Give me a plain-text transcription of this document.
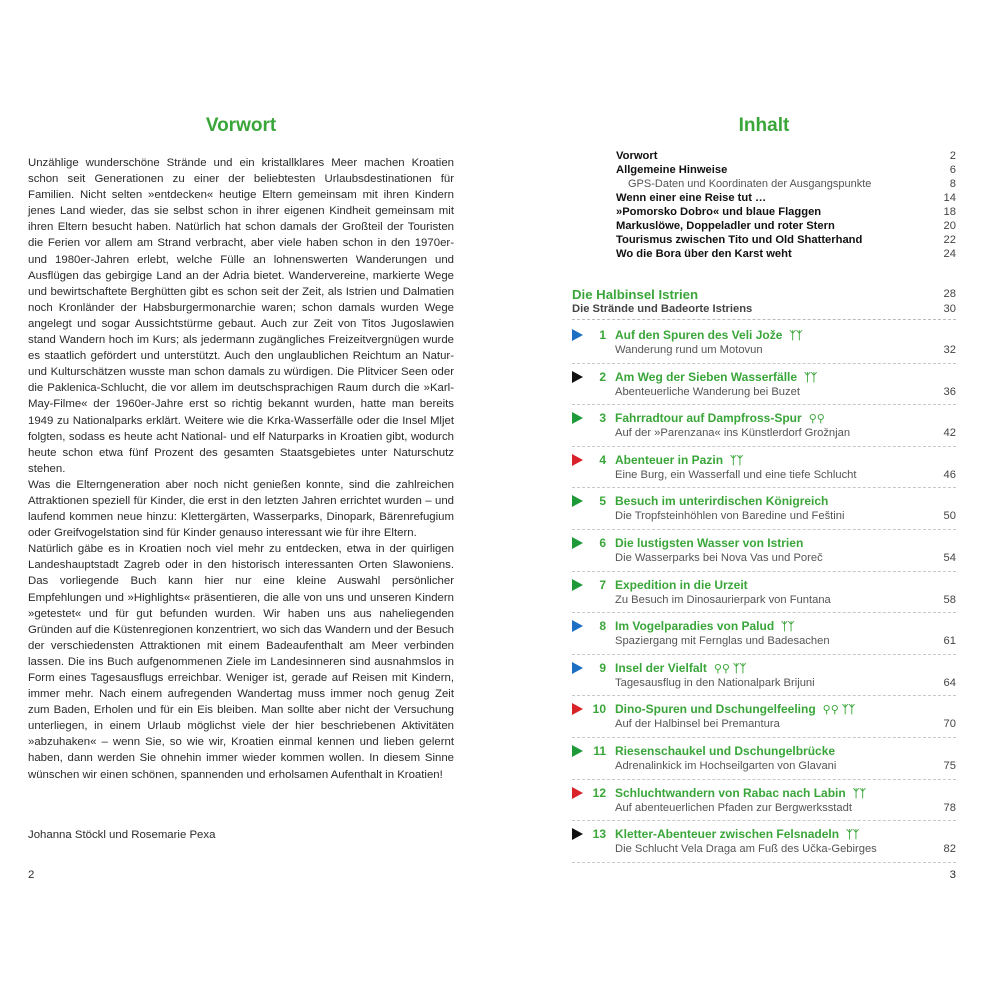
Vorwort

Unzählige wunderschöne Strände und ein kristallklares Meer machen Kroatien schon seit Generationen zu einer der beliebtesten Urlaubsdestinationen für Familien. Nicht selten »entdecken« heutige Eltern gemeinsam mit ihren Kindern jenes Land wieder, das sie selbst schon in ihrer eigenen Kindheit gemeinsam mit ihren Eltern besucht haben. Natürlich hat schon damals der Großteil der Touristen die Ferien vor allem am Strand verbracht, aber viele haben schon in den 1970er- und 1980er-Jahren erlebt, welche Fülle an lohnenswerten Wanderungen und Ausflügen das gebirgige Land an der Adria bietet. Wandervereine, markierte Wege und bewirtschaftete Berghütten gibt es schon seit der Zeit, als Istrien und Dalmatien noch Kronländer der Habsburgermonarchie waren; schon damals wurden Wege angelegt und sogar Aussichtstürme gebaut. Auch zur Zeit von Titos Jugoslawien stand Wandern hoch im Kurs; als jedermann zugängliches Freizeitvergnügen wurde es staatlich gefördert und unterstützt. Auch den unglaublichen Reichtum an Natur- und Kulturschätzen wusste man schon damals zu würdigen. Die Plitvicer Seen oder die Paklenica-Schlucht, die vor allem im deutschsprachigen Raum durch die »Karl-May-Filme« der 1960er-Jahre erst so richtig bekannt wurden, hatte man bereits 1949 zu Nationalparks erklärt. Weitere wie die Krka-Wasserfälle oder die Insel Mljet folgten, sodass es heute acht National- und elf Naturparks in Kroatien gibt, wodurch heute schon etwa fünf Prozent des gesamten Staatsgebietes unter Naturschutz stehen.

Was die Elterngeneration aber noch nicht genießen konnte, sind die zahlreichen Attraktionen speziell für Kinder, die erst in den letzten Jahren errichtet wurden – und laufend kommen neue hinzu: Klettergärten, Wasserparks, Dinopark, Bärenrefugium oder Greifvogelstation sind für Kinder genauso interessant wie für ihre Eltern.

Natürlich gäbe es in Kroatien noch viel mehr zu entdecken, etwa in der quirligen Landeshauptstadt Zagreb oder in den historisch interessanten Orten Slawoniens. Das vorliegende Buch kann hier nur eine kleine Auswahl persönlicher Empfehlungen und »Highlights« präsentieren, die alle von uns und unseren Kindern »getestet« und für gut befunden wurden. Wir haben uns aus naheliegenden Gründen auf die Küstenregionen konzentriert, wo sich das Wandern und der Besuch der verschiedensten Attraktionen mit einem Badeaufenthalt am Meer verbinden lassen. Die ins Buch aufgenommenen Ziele im Landesinneren sind ausnahmslos in Form eines Tagesausflugs erreichbar. Weniger ist, gerade auf Reisen mit Kindern, immer mehr. Nach einem aufregenden Wandertag muss immer noch genug Zeit zum Baden, Erholen und für ein Eis bleiben. Man sollte aber nicht der Versuchung unterliegen, in einem Urlaub möglichst viele der hier beschriebenen Aktivitäten »abzuhaken« – wenn Sie, so wie wir, Kroatien einmal kennen und lieben gelernt haben, dann werden Sie ohnehin immer wieder kommen wollen. In diesem Sinne wünschen wir einen schönen, spannenden und erholsamen Aufenthalt in Kroatien!

Johanna Stöckl und Rosemarie Pexa
2
Inhalt
Vorwort	2
Allgemeine Hinweise	6
GPS-Daten und Koordinaten der Ausgangspunkte	8
Wenn einer eine Reise tut …	14
»Pomorsko Dobro« und blaue Flaggen	18
Markuslöwe, Doppeladler und roter Stern	20
Tourismus zwischen Tito und Old Shatterhand	22
Wo die Bora über den Karst weht	24
Die Halbinsel Istrien	28
Die Strände und Badeorte Istriens	30
1 Auf den Spuren des Veli Jože ᛉᛉ
Wanderung rund um Motovun	32
2 Am Weg der Sieben Wasserfälle ᛉᛉ
Abenteuerliche Wanderung bei Buzet	36
3 Fahrradtour auf Dampfross-Spur ⚲⚲
Auf der »Parenzana« ins Künstlerdorf Grožnjan	42
4 Abenteuer in Pazin ᛉᛉ
Eine Burg, ein Wasserfall und eine tiefe Schlucht	46
5 Besuch im unterirdischen Königreich
Die Tropfsteinhöhlen von Baredine und Feštini	50
6 Die lustigsten Wasser von Istrien
Die Wasserparks bei Nova Vas und Poreč	54
7 Expedition in die Urzeit
Zu Besuch im Dinosaurierpark von Funtana	58
8 Im Vogelparadies von Palud ᛉᛉ
Spaziergang mit Fernglas und Badesachen	61
9 Insel der Vielfalt ⚲⚲ ᛉᛉ
Tagesausflug in den Nationalpark Brijuni	64
10 Dino-Spuren und Dschungelfeeling ⚲⚲ ᛉᛉ
Auf der Halbinsel bei Premantura	70
11 Riesenschaukel und Dschungelbrücke
Adrenalinkick im Hochseilgarten von Glavani	75
12 Schluchtwandern von Rabac nach Labin ᛉᛉ
Auf abenteuerlichen Pfaden zur Bergwerksstadt	78
13 Kletter-Abenteuer zwischen Felsnadeln ᛉᛉ
Die Schlucht Vela Draga am Fuß des Učka-Gebirges	82
3
